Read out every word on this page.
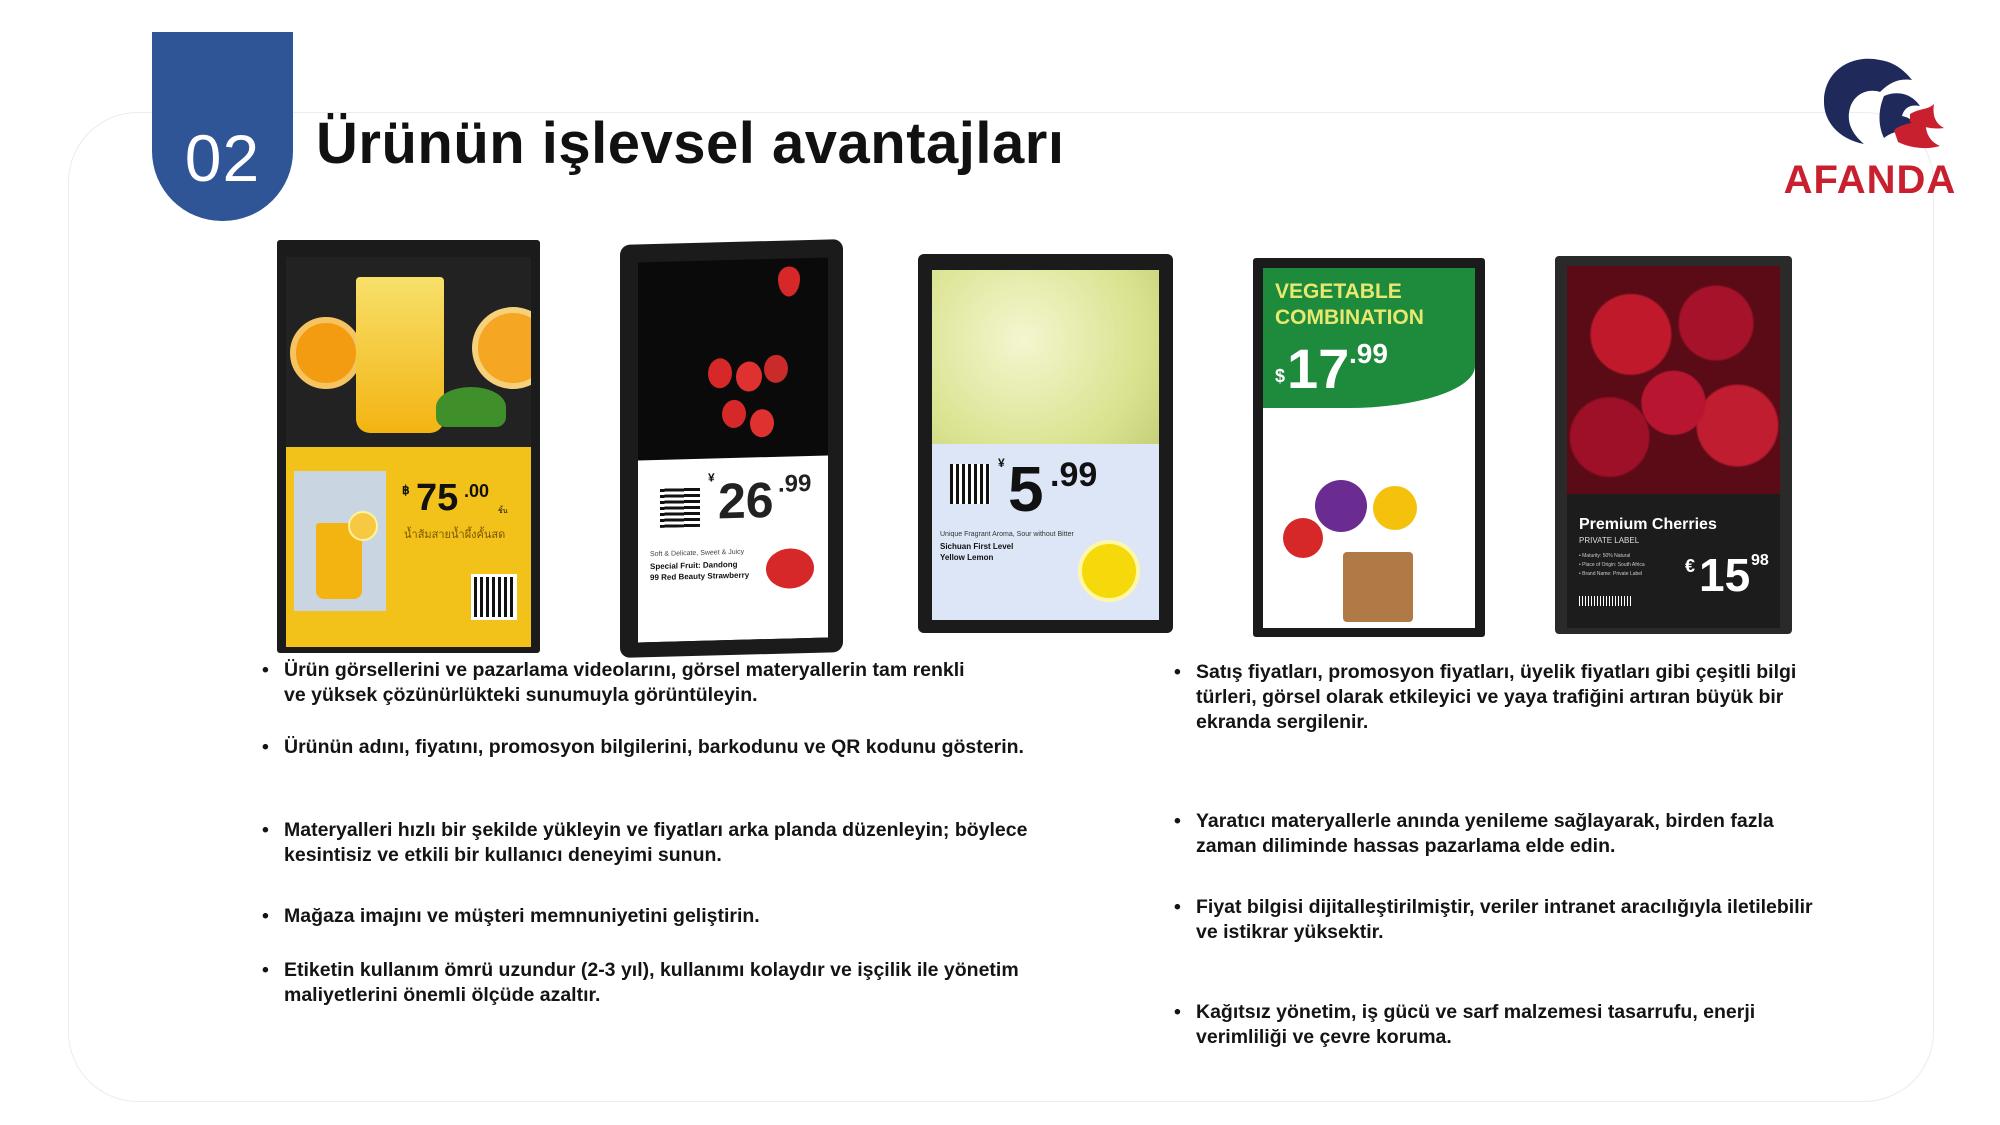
02 Ürünün işlevsel avantajları
AFANDA
฿ 75 .00
ชิ้น
น้ำส้มสายน้ำผึ้งคั้นสด
¥ 26 .99
Soft & Delicate, Sweet & Juicy
Special Fruit: Dandong
99 Red Beauty Strawberry
¥ 5 .99
Unique Fragrant Aroma, Sour without Bitter
Sichuan First Level
Yellow Lemon
VEGETABLE
COMBINATION
$ 17 .99
Premium Cherries
PRIVATE LABEL
• Maturity: 50% Natural
• Place of Origin: South Africa
• Brand Name: Private Label € 15 98
• Ürün görsellerini ve pazarlama videolarını, görsel materyallerin tam renkli ve yüksek çözünürlükteki sunumuyla görüntüleyin.
• Ürünün adını, fiyatını, promosyon bilgilerini, barkodunu ve QR kodunu gösterin.
• Materyalleri hızlı bir şekilde yükleyin ve fiyatları arka planda düzenleyin; böylece kesintisiz ve etkili bir kullanıcı deneyimi sunun.
• Mağaza imajını ve müşteri memnuniyetini geliştirin.
• Etiketin kullanım ömrü uzundur (2-3 yıl), kullanımı kolaydır ve işçilik ile yönetim maliyetlerini önemli ölçüde azaltır.
• Satış fiyatları, promosyon fiyatları, üyelik fiyatları gibi çeşitli bilgi türleri, görsel olarak etkileyici ve yaya trafiğini artıran büyük bir ekranda sergilenir.
• Yaratıcı materyallerle anında yenileme sağlayarak, birden fazla zaman diliminde hassas pazarlama elde edin.
• Fiyat bilgisi dijitalleştirilmiştir, veriler intranet aracılığıyla iletilebilir ve istikrar yüksektir.
• Kağıtsız yönetim, iş gücü ve sarf malzemesi tasarrufu, enerji verimliliği ve çevre koruma.
